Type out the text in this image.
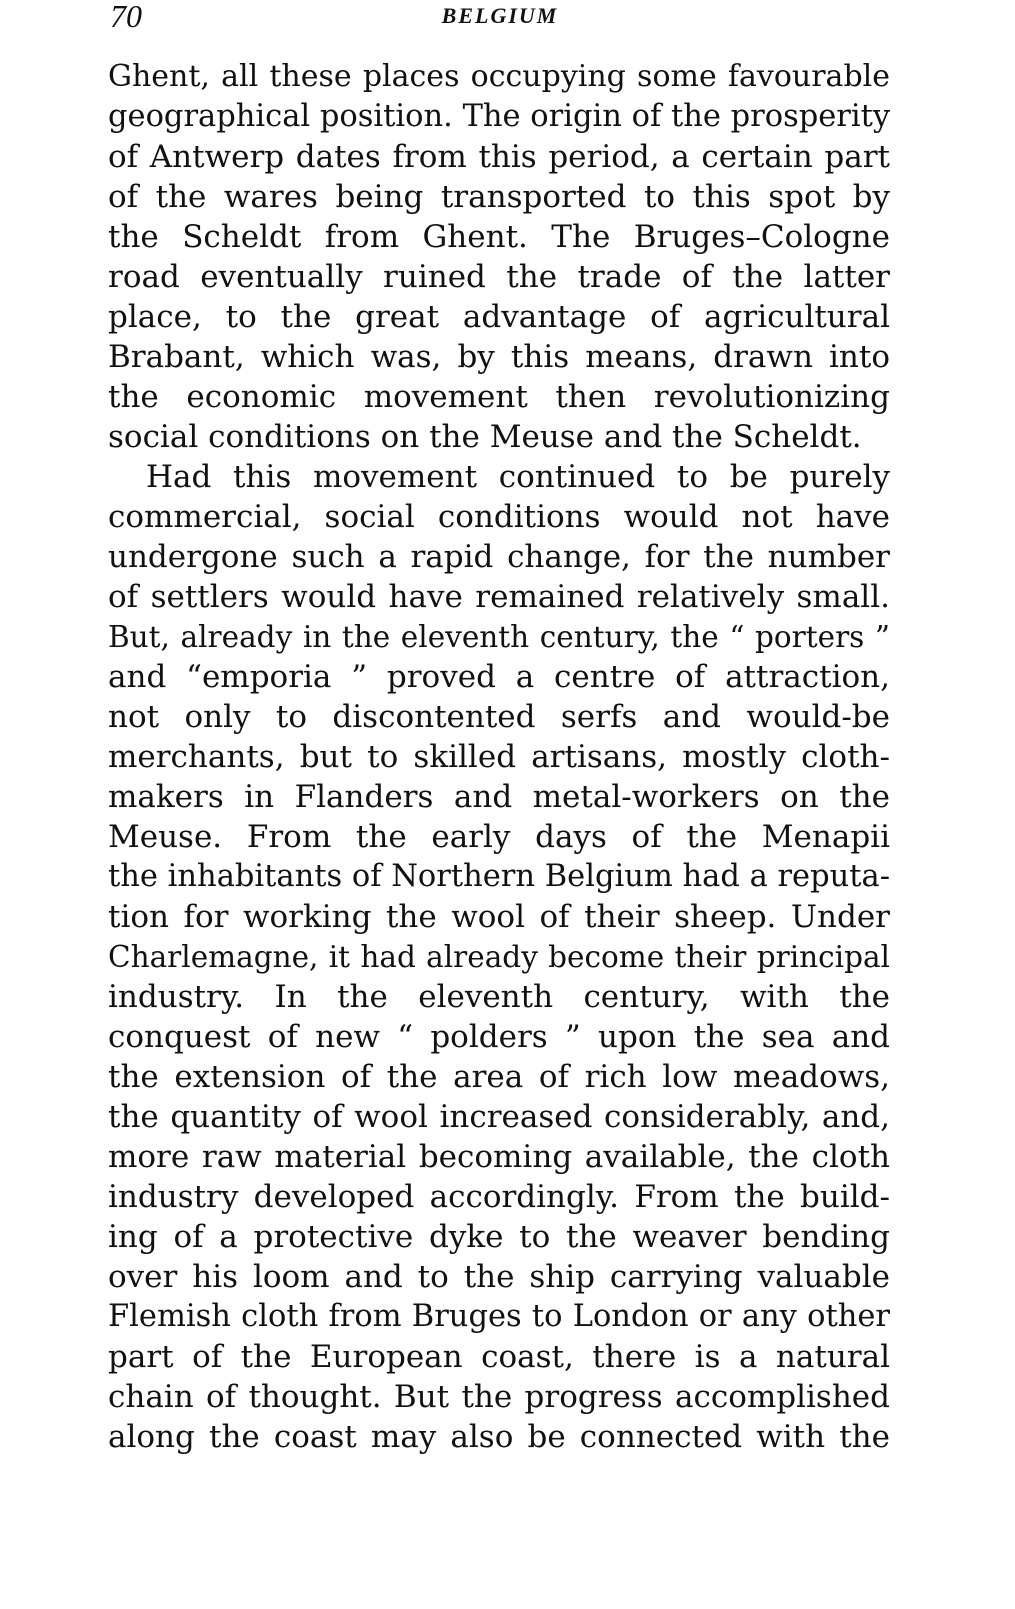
70	BELGIUM
Ghent, all these places occupying some favourable
geographical position. The origin of the prosperity
of Antwerp dates from this period, a certain part
of the wares being transported to this spot by
the Scheldt from Ghent. The Bruges–Cologne
road eventually ruined the trade of the latter
place, to the great advantage of agricultural
Brabant, which was, by this means, drawn into
the economic movement then revolutionizing
social conditions on the Meuse and the Scheldt.
Had this movement continued to be purely
commercial, social conditions would not have
undergone such a rapid change, for the number
of settlers would have remained relatively small.
But, already in the eleventh century, the “ porters ”
and “emporia ” proved a centre of attraction,
not only to discontented serfs and would-be
merchants, but to skilled artisans, mostly cloth-
makers in Flanders and metal-workers on the
Meuse. From the early days of the Menapii
the inhabitants of Northern Belgium had a reputa-
tion for working the wool of their sheep. Under
Charlemagne, it had already become their principal
industry. In the eleventh century, with the
conquest of new “ polders ” upon the sea and
the extension of the area of rich low meadows,
the quantity of wool increased considerably, and,
more raw material becoming available, the cloth
industry developed accordingly. From the build-
ing of a protective dyke to the weaver bending
over his loom and to the ship carrying valuable
Flemish cloth from Bruges to London or any other
part of the European coast, there is a natural
chain of thought. But the progress accomplished
along the coast may also be connected with the
